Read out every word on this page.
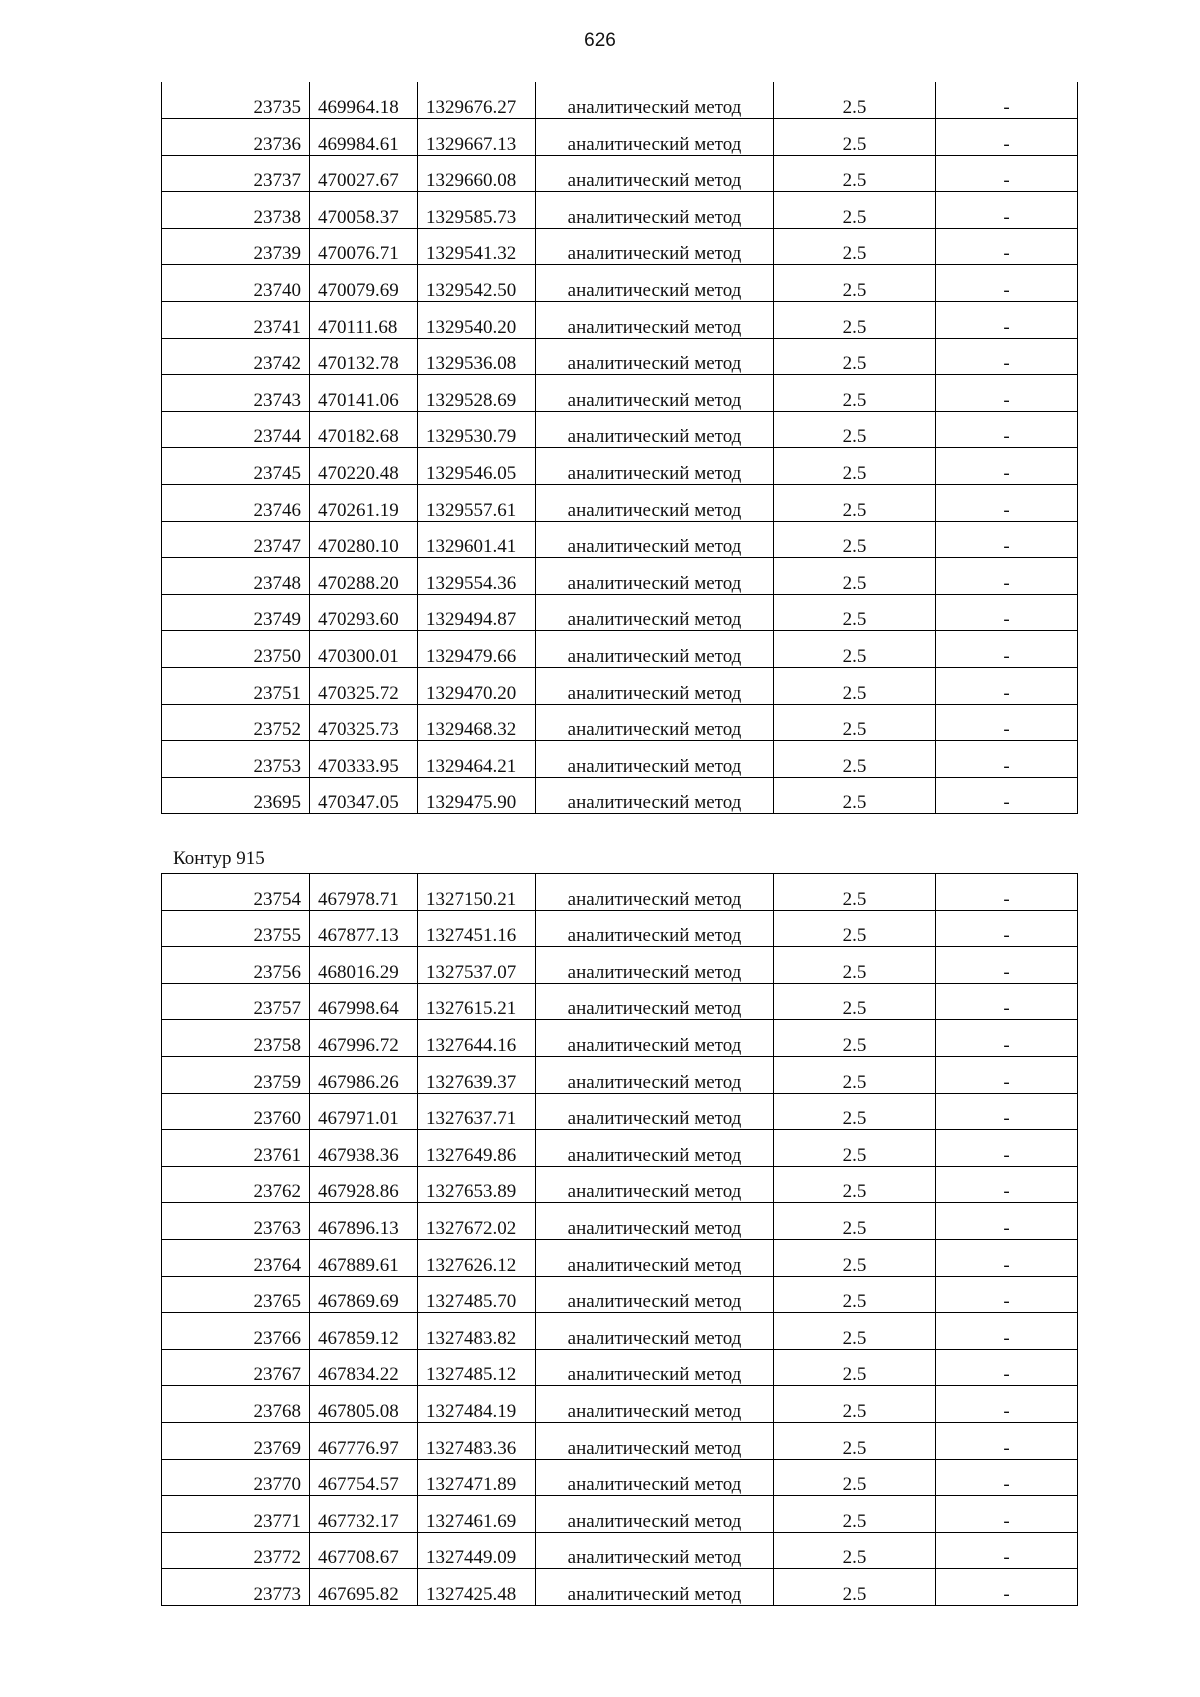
626
23735	469964.18	1329676.27	аналитический метод	2.5	-
23736	469984.61	1329667.13	аналитический метод	2.5	-
23737	470027.67	1329660.08	аналитический метод	2.5	-
23738	470058.37	1329585.73	аналитический метод	2.5	-
23739	470076.71	1329541.32	аналитический метод	2.5	-
23740	470079.69	1329542.50	аналитический метод	2.5	-
23741	470111.68	1329540.20	аналитический метод	2.5	-
23742	470132.78	1329536.08	аналитический метод	2.5	-
23743	470141.06	1329528.69	аналитический метод	2.5	-
23744	470182.68	1329530.79	аналитический метод	2.5	-
23745	470220.48	1329546.05	аналитический метод	2.5	-
23746	470261.19	1329557.61	аналитический метод	2.5	-
23747	470280.10	1329601.41	аналитический метод	2.5	-
23748	470288.20	1329554.36	аналитический метод	2.5	-
23749	470293.60	1329494.87	аналитический метод	2.5	-
23750	470300.01	1329479.66	аналитический метод	2.5	-
23751	470325.72	1329470.20	аналитический метод	2.5	-
23752	470325.73	1329468.32	аналитический метод	2.5	-
23753	470333.95	1329464.21	аналитический метод	2.5	-
23695	470347.05	1329475.90	аналитический метод	2.5	-
Контур 915
23754	467978.71	1327150.21	аналитический метод	2.5	-
23755	467877.13	1327451.16	аналитический метод	2.5	-
23756	468016.29	1327537.07	аналитический метод	2.5	-
23757	467998.64	1327615.21	аналитический метод	2.5	-
23758	467996.72	1327644.16	аналитический метод	2.5	-
23759	467986.26	1327639.37	аналитический метод	2.5	-
23760	467971.01	1327637.71	аналитический метод	2.5	-
23761	467938.36	1327649.86	аналитический метод	2.5	-
23762	467928.86	1327653.89	аналитический метод	2.5	-
23763	467896.13	1327672.02	аналитический метод	2.5	-
23764	467889.61	1327626.12	аналитический метод	2.5	-
23765	467869.69	1327485.70	аналитический метод	2.5	-
23766	467859.12	1327483.82	аналитический метод	2.5	-
23767	467834.22	1327485.12	аналитический метод	2.5	-
23768	467805.08	1327484.19	аналитический метод	2.5	-
23769	467776.97	1327483.36	аналитический метод	2.5	-
23770	467754.57	1327471.89	аналитический метод	2.5	-
23771	467732.17	1327461.69	аналитический метод	2.5	-
23772	467708.67	1327449.09	аналитический метод	2.5	-
23773	467695.82	1327425.48	аналитический метод	2.5	-
